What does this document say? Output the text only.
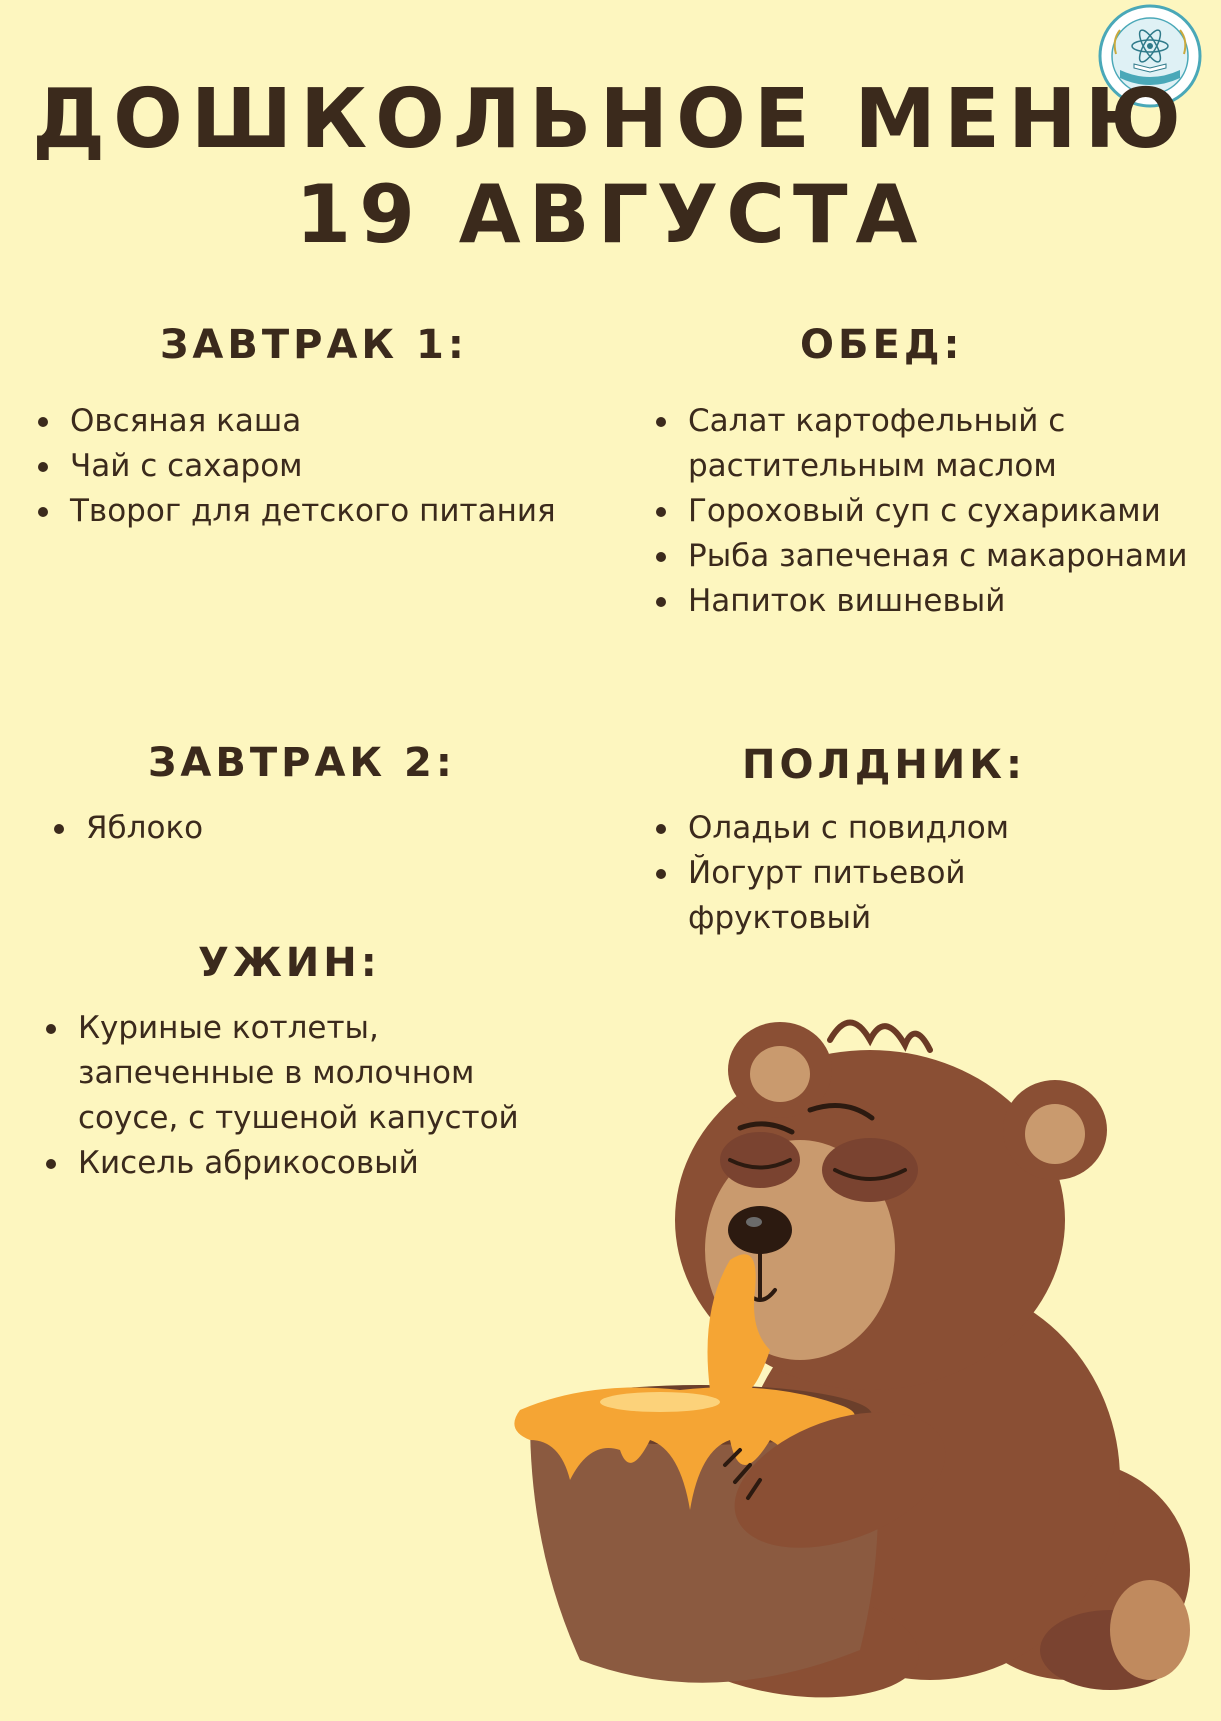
ДОШКОЛЬНОЕ МЕНЮ
19 АВГУСТА
ЗАВТРАК 1:
Овсяная каша
Чай с сахаром
Творог для детского питания
ОБЕД:
Салат картофельный с растительным маслом
Гороховый суп с сухариками
Рыба запеченая с макаронами
Напиток вишневый
ЗАВТРАК 2:
Яблоко
ПОЛДНИК:
Оладьи с повидлом
Йогурт питьевой фруктовый
УЖИН:
Куриные котлеты, запеченные в молочном соусе, с тушеной капустой
Кисель абрикосовый
